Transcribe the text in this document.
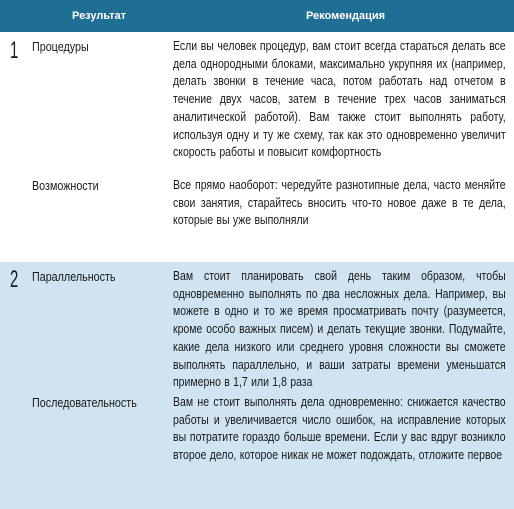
Результат	Рекомендация
1 Процедуры	Если вы человек процедур, вам стоит всегда стараться делать все дела однородными блоками, максимально укрупняя их (например, делать звонки в течение часа, потом работать над отчетом в течение двух часов, затем в течение трех часов заниматься аналитической работой). Вам также стоит выполнять работу, используя одну и ту же схему, так как это одновременно увеличит скорость работы и повысит комфортность
Возможности	Все прямо наоборот: чередуйте разнотипные дела, часто меняйте свои занятия, старайтесь вносить что-то новое даже в те дела, которые вы уже выполняли
2 Параллельность	Вам стоит планировать свой день таким образом, чтобы одновременно выполнять по два несложных дела. Например, вы можете в одно и то же время просматривать почту (разумеется, кроме особо важных писем) и делать текущие звонки. Подумайте, какие дела низкого или среднего уровня сложности вы сможете выполнять параллельно, и ваши затраты времени уменьшатся примерно в 1,7 или 1,8 раза
Последовательность	Вам не стоит выполнять дела одновременно: снижается качество работы и увеличивается число ошибок, на исправление которых вы потратите гораздо больше времени. Если у вас вдруг возникло второе дело, которое никак не может подождать, отложите первое
